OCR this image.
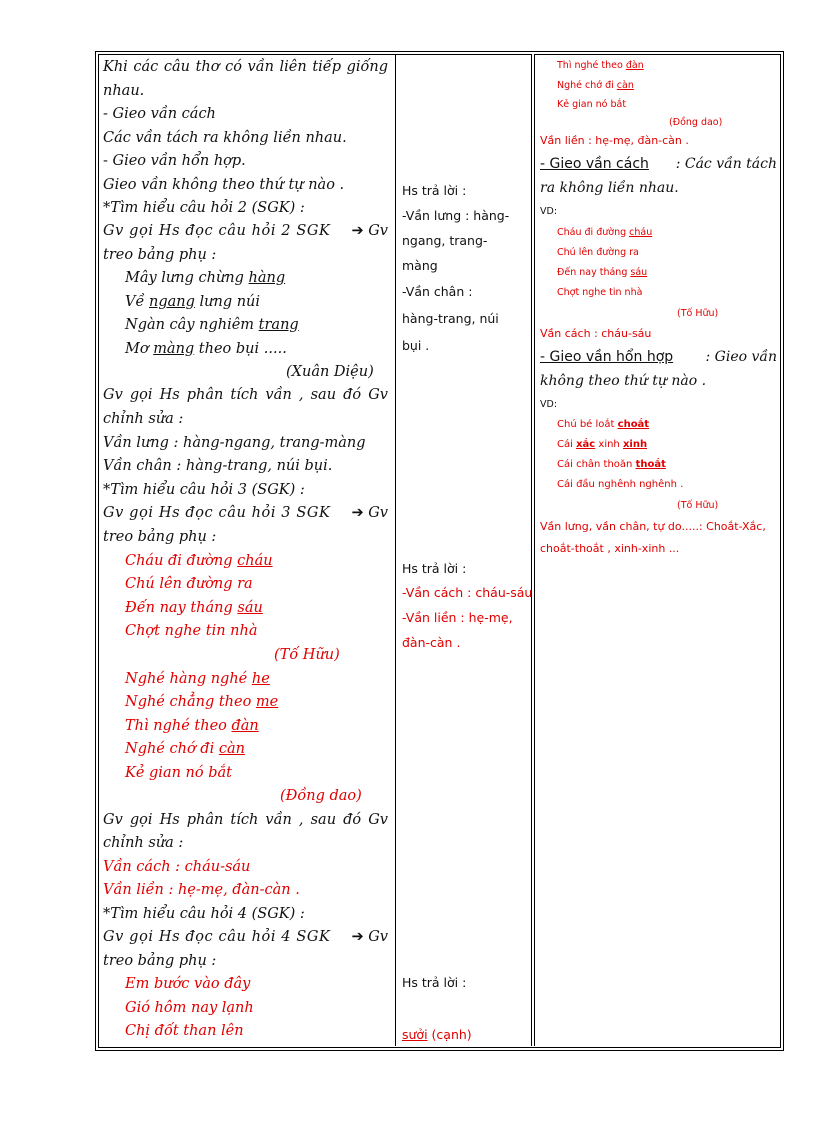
Khi các câu thơ có vần liên tiếp giống
nhau.
- Gieo vần cách
Các vần tách ra không liền nhau.
- Gieo vần hổn hợp.
Gieo vần không theo thứ tự nào .
*Tìm hiểu câu hỏi 2 (SGK) :
Gv gọi Hs đọc câu hỏi 2 SGK ➔ Gv
treo bảng phụ :
Mây lưng chừng hàng
Về ngang lưng núi
Ngàn cây nghiêm trang
Mơ màng theo bụi .....
(Xuân Diệu)
Gv gọi Hs phân tích vần , sau đó Gv
chỉnh sửa :
Vần lưng : hàng-ngang, trang-màng
Vần chân : hàng-trang, núi bụi.
*Tìm hiểu câu hỏi 3 (SGK) :
Gv gọi Hs đọc câu hỏi 3 SGK ➔ Gv
treo bảng phụ :
Cháu đi đường cháu
Chú lên đường ra
Đến nay tháng sáu
Chợt nghe tin nhà
(Tố Hữu)
Nghé hàng nghé he
Nghé chẳng theo me
Thì nghé theo đàn
Nghé chớ đi càn
Kẻ gian nó bắt
(Đồng dao)
Gv gọi Hs phân tích vần , sau đó Gv
chỉnh sửa :
Vần cách : cháu-sáu
Vần liền : hẹ-mẹ, đàn-càn .
*Tìm hiểu câu hỏi 4 (SGK) :
Gv gọi Hs đọc câu hỏi 4 SGK ➔ Gv
treo bảng phụ :
Em bước vào đây
Gió hôm nay lạnh
Chị đốt than lên
Hs trả lời :
-Vần lưng : hàng-
ngang, trang-
màng
-Vần chân :
hàng-trang, núi
bụi .
Hs trả lời :
-Vần cách : cháu-sáu
-Vần liền : hẹ-mẹ,
đàn-càn .
Hs trả lời :
sưởi (cạnh)
Thì nghé theo đàn
Nghé chớ đi càn
Kẻ gian nó bắt
(Đồng dao)
Vần liền : hẹ-mẹ, đàn-càn .
- Gieo vần cách : Các vần tách
ra không liền nhau.
VD:
Cháu đi đường cháu
Chú lên đường ra
Đến nay tháng sáu
Chợt nghe tin nhà
(Tố Hữu)
Vần cách : cháu-sáu
- Gieo vần hổn hợp : Gieo vần
không theo thứ tự nào .
VD:
Chú bé loắt choắt
Cái xắc xinh xinh
Cái chân thoăn thoắt
Cái đầu nghênh nghênh .
(Tố Hữu)
Vần lưng, vần chân, tự do.....: Choắt-Xắc,
choắt-thoắt , xinh-xinh ...
